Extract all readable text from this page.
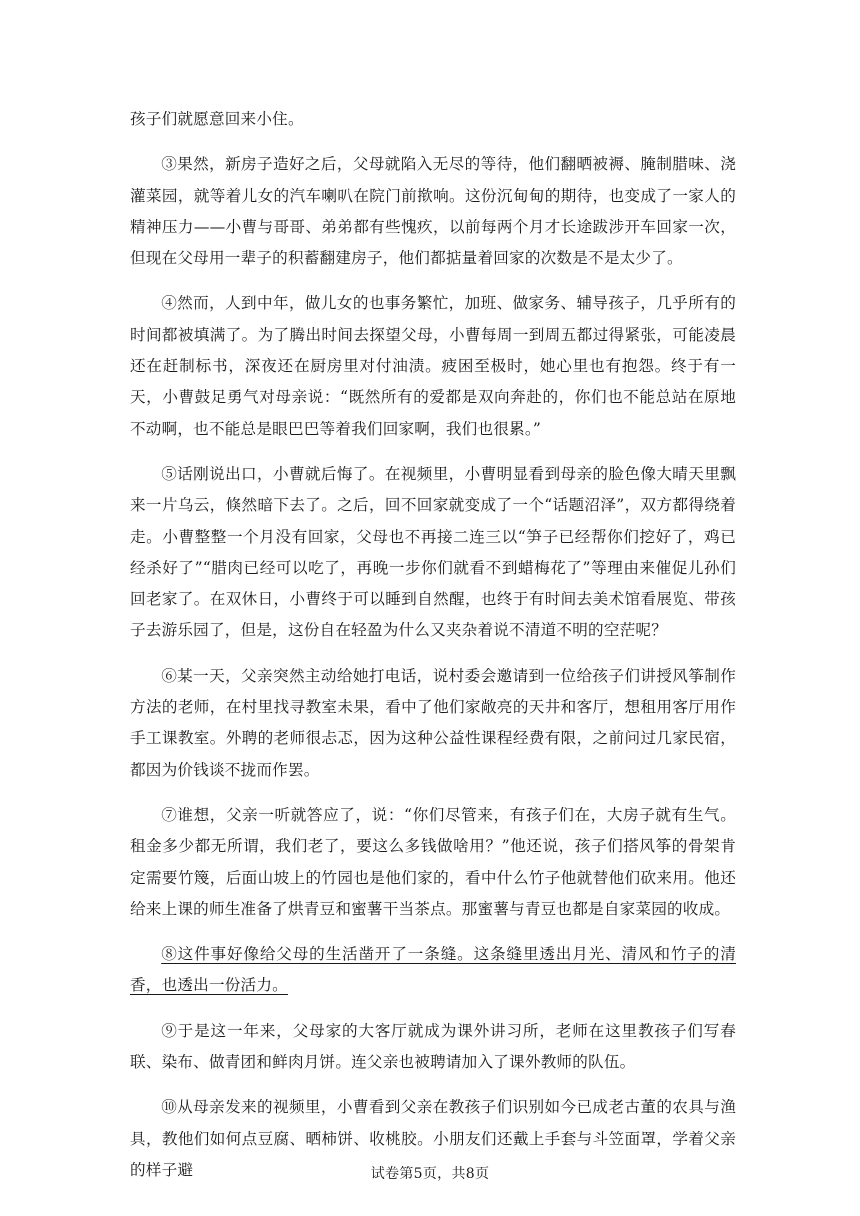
孩子们就愿意回来小住。

③果然，新房子造好之后，父母就陷入无尽的等待，他们翻晒被褥、腌制腊味、浇灌菜园，就等着儿女的汽车喇叭在院门前揿响。这份沉甸甸的期待，也变成了一家人的精神压力——小曹与哥哥、弟弟都有些愧疚，以前每两个月才长途跋涉开车回家一次，但现在父母用一辈子的积蓄翻建房子，他们都掂量着回家的次数是不是太少了。

④然而，人到中年，做儿女的也事务繁忙，加班、做家务、辅导孩子，几乎所有的时间都被填满了。为了腾出时间去探望父母，小曹每周一到周五都过得紧张，可能凌晨还在赶制标书，深夜还在厨房里对付油渍。疲困至极时，她心里也有抱怨。终于有一天，小曹鼓足勇气对母亲说：“既然所有的爱都是双向奔赴的，你们也不能总站在原地不动啊，也不能总是眼巴巴等着我们回家啊，我们也很累。”

⑤话刚说出口，小曹就后悔了。在视频里，小曹明显看到母亲的脸色像大晴天里飘来一片乌云，倏然暗下去了。之后，回不回家就变成了一个“话题沼泽”，双方都得绕着走。小曹整整一个月没有回家，父母也不再接二连三以“笋子已经帮你们挖好了，鸡已经杀好了”“腊肉已经可以吃了，再晚一步你们就看不到蜡梅花了”等理由来催促儿孙们回老家了。在双休日，小曹终于可以睡到自然醒，也终于有时间去美术馆看展览、带孩子去游乐园了，但是，这份自在轻盈为什么又夹杂着说不清道不明的空茫呢？

⑥某一天，父亲突然主动给她打电话，说村委会邀请到一位给孩子们讲授风筝制作方法的老师，在村里找寻教室未果，看中了他们家敞亮的天井和客厅，想租用客厅用作手工课教室。外聘的老师很忐忑，因为这种公益性课程经费有限，之前问过几家民宿，都因为价钱谈不拢而作罢。

⑦谁想，父亲一听就答应了，说：“你们尽管来，有孩子们在，大房子就有生气。租金多少都无所谓，我们老了，要这么多钱做啥用？”他还说，孩子们搭风筝的骨架肯定需要竹篾，后面山坡上的竹园也是他们家的，看中什么竹子他就替他们砍来用。他还给来上课的师生准备了烘青豆和蜜薯干当茶点。那蜜薯与青豆也都是自家菜园的收成。

⑧这件事好像给父母的生活凿开了一条缝。这条缝里透出月光、清风和竹子的清香，也透出一份活力。

⑨于是这一年来，父母家的大客厅就成为课外讲习所，老师在这里教孩子们写春联、染布、做青团和鲜肉月饼。连父亲也被聘请加入了课外教师的队伍。

⑩从母亲发来的视频里，小曹看到父亲在教孩子们识别如今已成老古董的农具与渔具，教他们如何点豆腐、晒柿饼、收桃胶。小朋友们还戴上手套与斗笠面罩，学着父亲的样子避	试卷第5页，共8页
